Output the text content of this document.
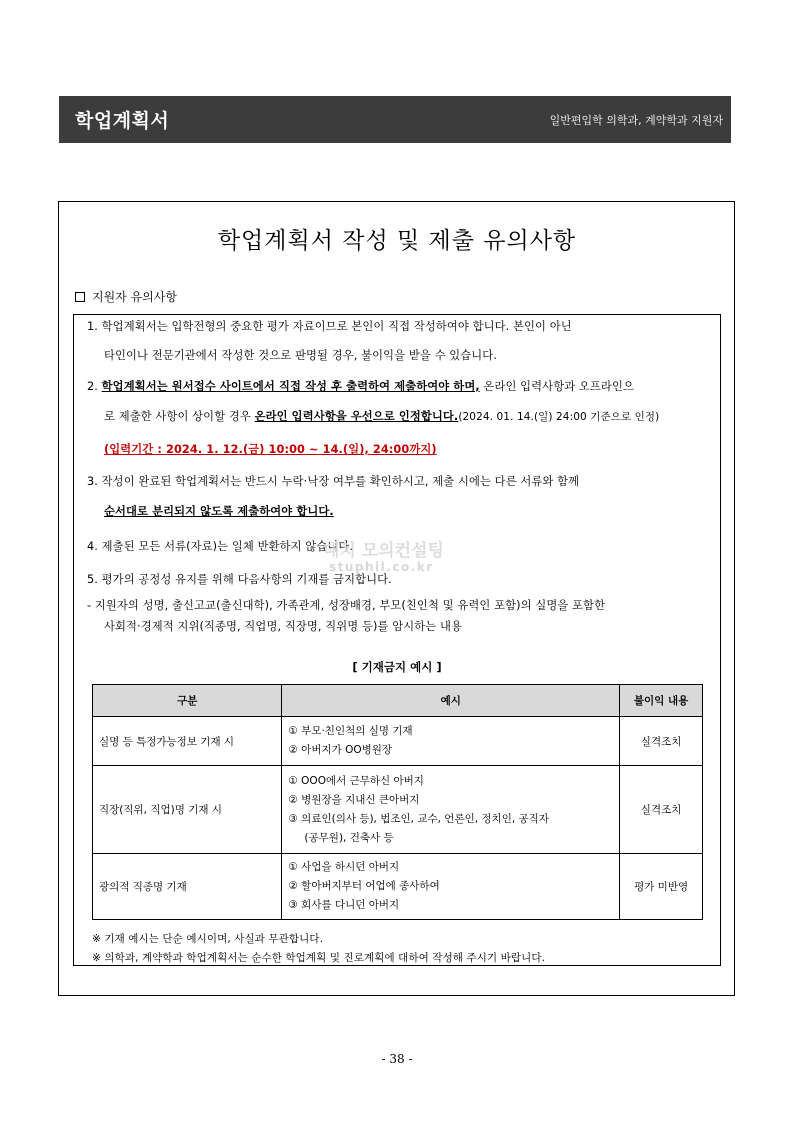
학업계획서	일반편입학 의학과, 계약학과 지원자
학업계획서 작성 및 제출 유의사항
지원자 유의사항
1. 학업계획서는 입학전형의 중요한 평가 자료이므로 본인이 직접 작성하여야 합니다. 본인이 아닌
타인이나 전문기관에서 작성한 것으로 판명될 경우, 불이익을 받을 수 있습니다.
2. 학업계획서는 원서접수 사이트에서 직접 작성 후 출력하여 제출하여야 하며, 온라인 입력사항과 오프라인으
로 제출한 사항이 상이할 경우 온라인 입력사항을 우선으로 인정합니다.(2024. 01. 14.(일) 24:00 기준으로 인정)
(입력기간 : 2024. 1. 12.(금) 10:00 ~ 14.(일), 24:00까지)
3. 작성이 완료된 학업계획서는 반드시 누락·낙장 여부를 확인하시고, 제출 시에는 다른 서류와 함께
순서대로 분리되지 않도록 제출하여야 합니다.
4. 제출된 모든 서류(자료)는 일체 반환하지 않습니다.
5. 평가의 공정성 유지를 위해 다음사항의 기재를 금지합니다.
- 지원자의 성명, 출신고교(출신대학), 가족관계, 성장배경, 부모(친인척 및 유력인 포함)의 실명을 포함한
사회적·경제적 지위(직종명, 직업명, 직장명, 직위명 등)를 암시하는 내용
대치 모의컨설팅
stuphil.co.kr
[ 기재금지 예시 ]
구분	예시	불이익 내용
실명 등 특정가능정보 기재 시	① 부모·친인척의 실명 기재
② 아버지가 OO병원장	실격조치
직장(직위, 직업)명 기재 시	① OOO에서 근무하신 아버지
② 병원장을 지내신 큰아버지
③ 의료인(의사 등), 법조인, 교수, 언론인, 정치인, 공직자
(공무원), 건축사 등	실격조치
광의적 직종명 기재	① 사업을 하시던 아버지
② 할아버지부터 어업에 종사하여
③ 회사를 다니던 아버지	평가 미반영
※ 기재 예시는 단순 예시이며, 사실과 무관합니다.
※ 의학과, 계약학과 학업계획서는 순수한 학업계획 및 진로계획에 대하여 작성해 주시기 바랍니다.
- 38 -
